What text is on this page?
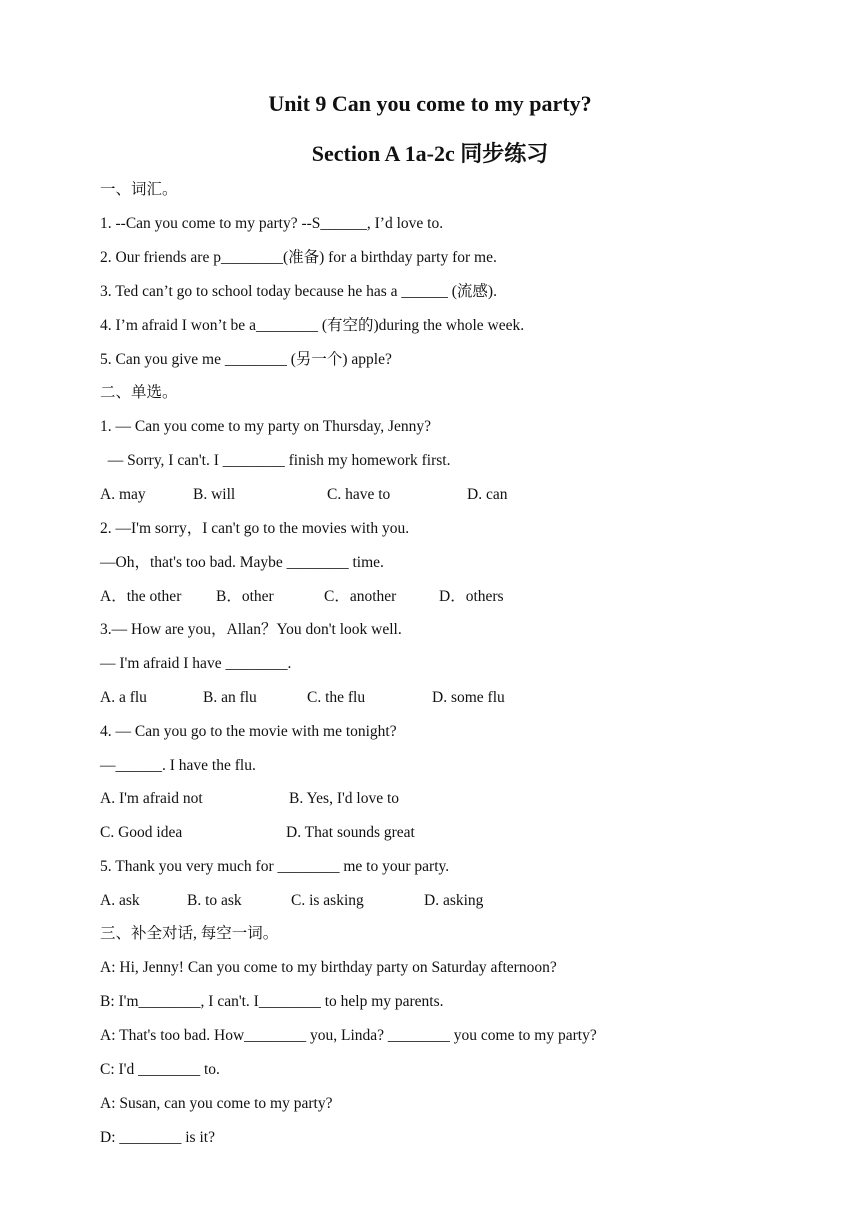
Unit 9 Can you come to my party?
Section A 1a-2c 同步练习
一、词汇。
1. --Can you come to my party? --S______, I’d love to.
2. Our friends are p________(准备) for a birthday party for me.
3. Ted can’t go to school today because he has a ______ (流感).
4. I’m afraid I won’t be a________ (有空的)during the whole week.
5. Can you give me ________ (另一个) apple?
二、单选。
1. — Can you come to my party on Thursday, Jenny?
— Sorry, I can't. I ________ finish my homework first.
A. may	B. will	C. have to	D. can
2. —I'm sorry，I can't go to the movies with you.
—Oh，that's too bad. Maybe ________ time.
A．the other B．other	C．another	D．others
3.— How are you，Allan？You don't look well.
— I'm afraid I have ________.
A. a flu	B. an flu	C. the flu	D. some flu
4. — Can you go to the movie with me tonight?
—______. I have the flu.
A. I'm afraid not	B. Yes, I'd love to
C. Good idea	D. That sounds great
5. Thank you very much for ________ me to your party.
A. ask	B. to ask	C. is asking	D. asking
三、补全对话, 每空一词。
A: Hi, Jenny! Can you come to my birthday party on Saturday afternoon?
B: I'm________, I can't. I________ to help my parents.
A: That's too bad. How________ you, Linda? ________ you come to my party?
C: I'd ________ to.
A: Susan, can you come to my party?
D: ________ is it?
